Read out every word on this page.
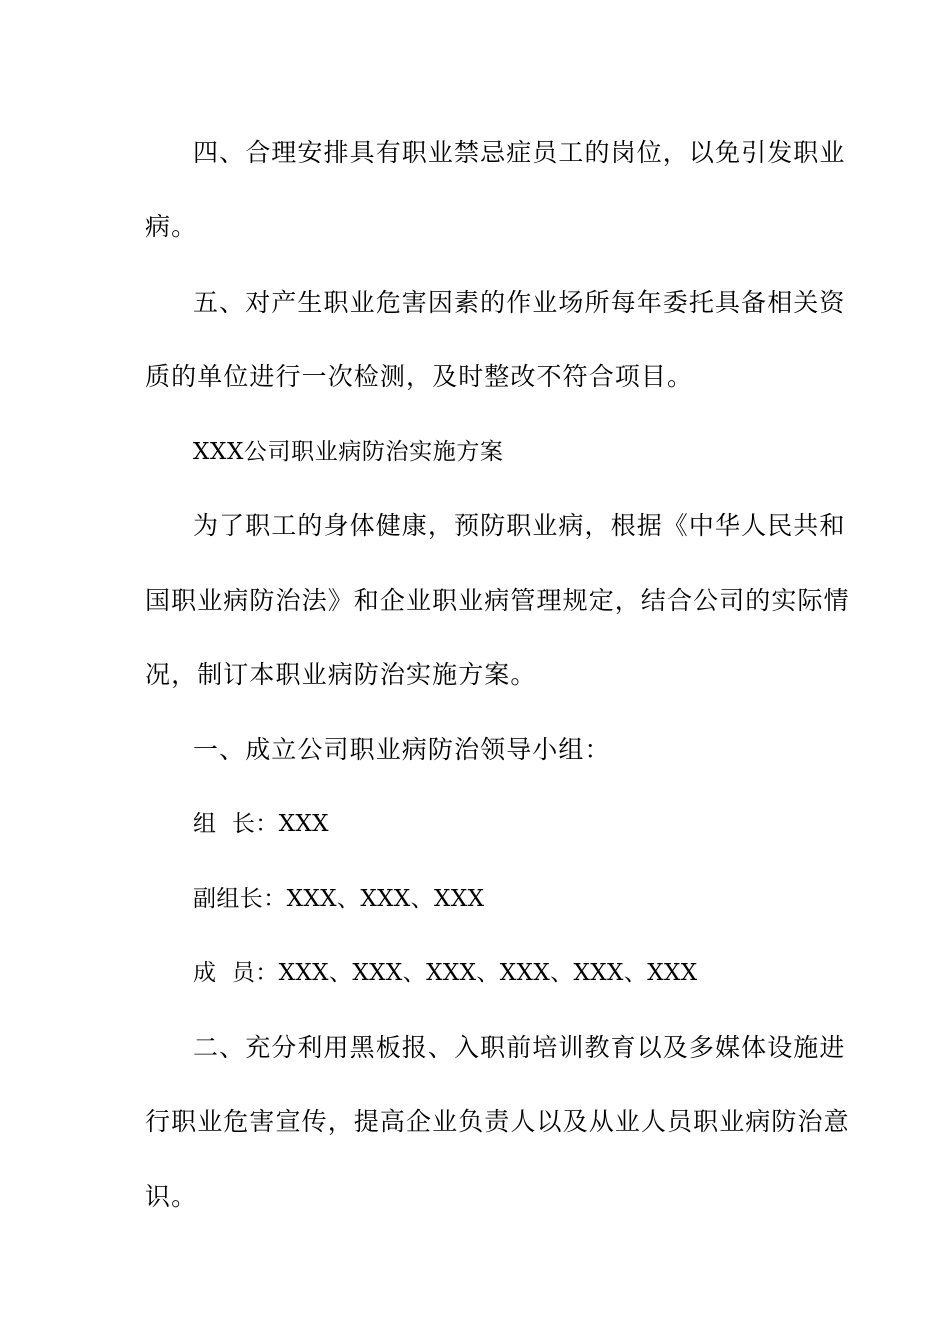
四、合理安排具有职业禁忌症员工的岗位，以免引发职业

病。

五、对产生职业危害因素的作业场所每年委托具备相关资

质的单位进行一次检测，及时整改不符合项目。

XXX公司职业病防治实施方案

为了职工的身体健康，预防职业病，根据《中华人民共和

国职业病防治法》和企业职业病管理规定，结合公司的实际情

况，制订本职业病防治实施方案。

一、成立公司职业病防治领导小组：

组  长：XXX

副组长：XXX、XXX、XXX

成  员：XXX、XXX、XXX、XXX、XXX、XXX

二、充分利用黑板报、入职前培训教育以及多媒体设施进

行职业危害宣传，提高企业负责人以及从业人员职业病防治意

识。
